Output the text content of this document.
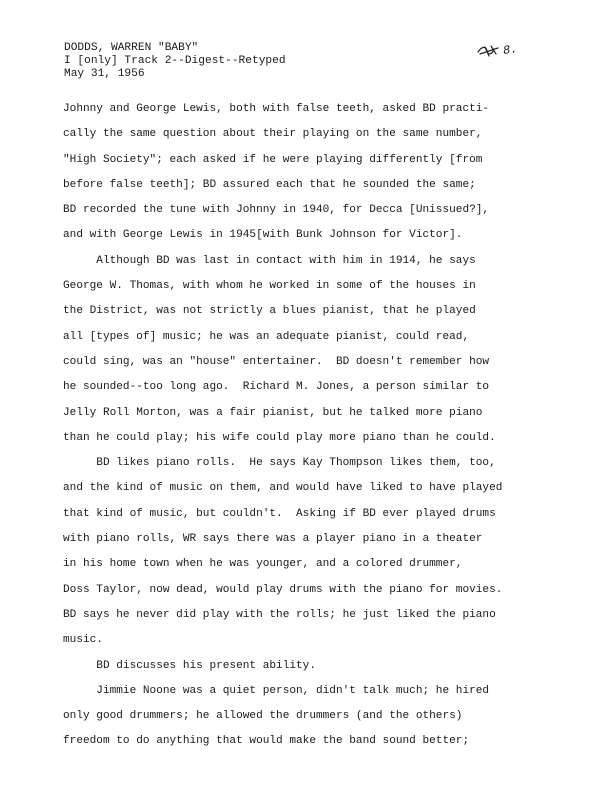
DODDS, WARREN "BABY"
I [only] Track 2--Digest--Retyped
May 31, 1956
8.
Johnny and George Lewis, both with false teeth, asked BD practi-
cally the same question about their playing on the same number,
"High Society"; each asked if he were playing differently [from
before false teeth]; BD assured each that he sounded the same;
BD recorded the tune with Johnny in 1940, for Decca [Unissued?],
and with George Lewis in 1945[with Bunk Johnson for Victor].
Although BD was last in contact with him in 1914, he says
George W. Thomas, with whom he worked in some of the houses in
the District, was not strictly a blues pianist, that he played
all [types of] music; he was an adequate pianist, could read,
could sing, was an "house" entertainer.  BD doesn't remember how
he sounded--too long ago.  Richard M. Jones, a person similar to
Jelly Roll Morton, was a fair pianist, but he talked more piano
than he could play; his wife could play more piano than he could.
BD likes piano rolls.  He says Kay Thompson likes them, too,
and the kind of music on them, and would have liked to have played
that kind of music, but couldn't.  Asking if BD ever played drums
with piano rolls, WR says there was a player piano in a theater
in his home town when he was younger, and a colored drummer,
Doss Taylor, now dead, would play drums with the piano for movies.
BD says he never did play with the rolls; he just liked the piano
music.
BD discusses his present ability.
Jimmie Noone was a quiet person, didn't talk much; he hired
only good drummers; he allowed the drummers (and the others)
freedom to do anything that would make the band sound better;
